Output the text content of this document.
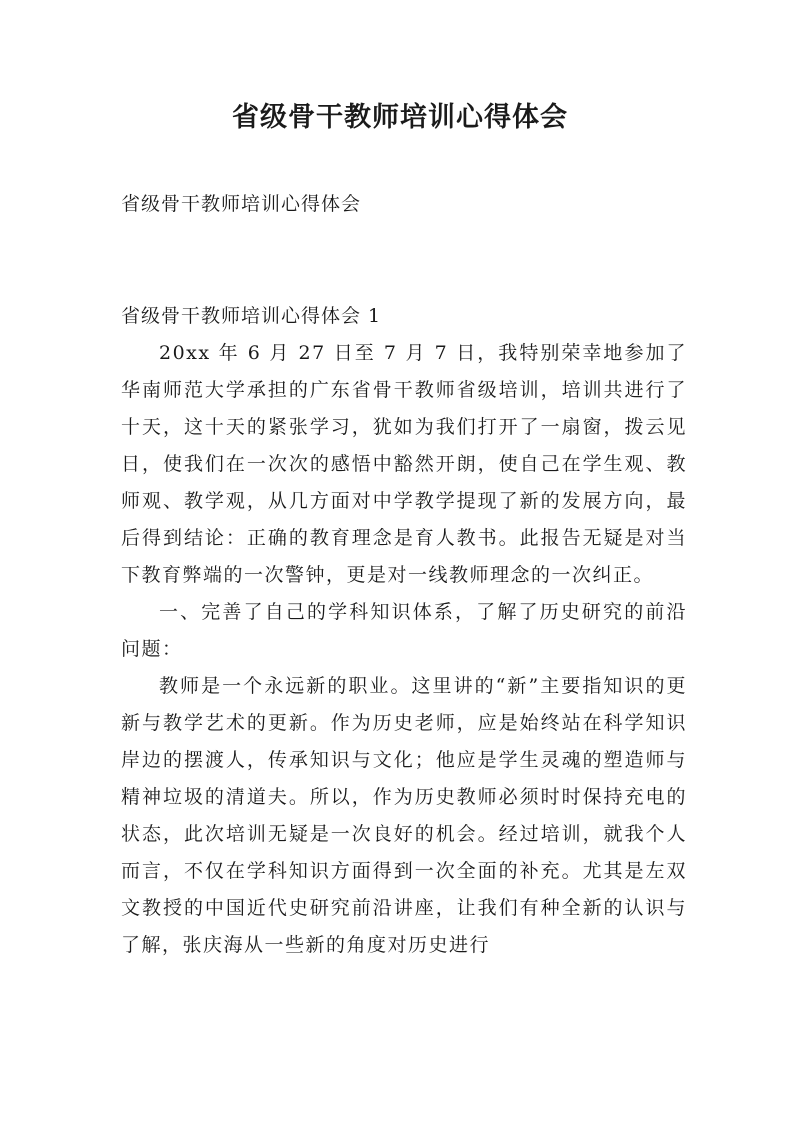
省级骨干教师培训心得体会
省级骨干教师培训心得体会
省级骨干教师培训心得体会 1

20xx 年 6 月 27 日至 7 月 7 日，我特别荣幸地参加了华南师范大学承担的广东省骨干教师省级培训，培训共进行了十天，这十天的紧张学习，犹如为我们打开了一扇窗，拨云见日，使我们在一次次的感悟中豁然开朗，使自己在学生观、教师观、教学观，从几方面对中学教学提现了新的发展方向，最后得到结论：正确的教育理念是育人教书。此报告无疑是对当下教育弊端的一次警钟，更是对一线教师理念的一次纠正。

一、完善了自己的学科知识体系，了解了历史研究的前沿问题：

教师是一个永远新的职业。这里讲的“新”主要指知识的更新与教学艺术的更新。作为历史老师，应是始终站在科学知识岸边的摆渡人，传承知识与文化；他应是学生灵魂的塑造师与精神垃圾的清道夫。所以，作为历史教师必须时时保持充电的状态，此次培训无疑是一次良好的机会。经过培训，就我个人而言，不仅在学科知识方面得到一次全面的补充。尤其是左双文教授的中国近代史研究前沿讲座，让我们有种全新的认识与了解，张庆海从一些新的角度对历史进行
